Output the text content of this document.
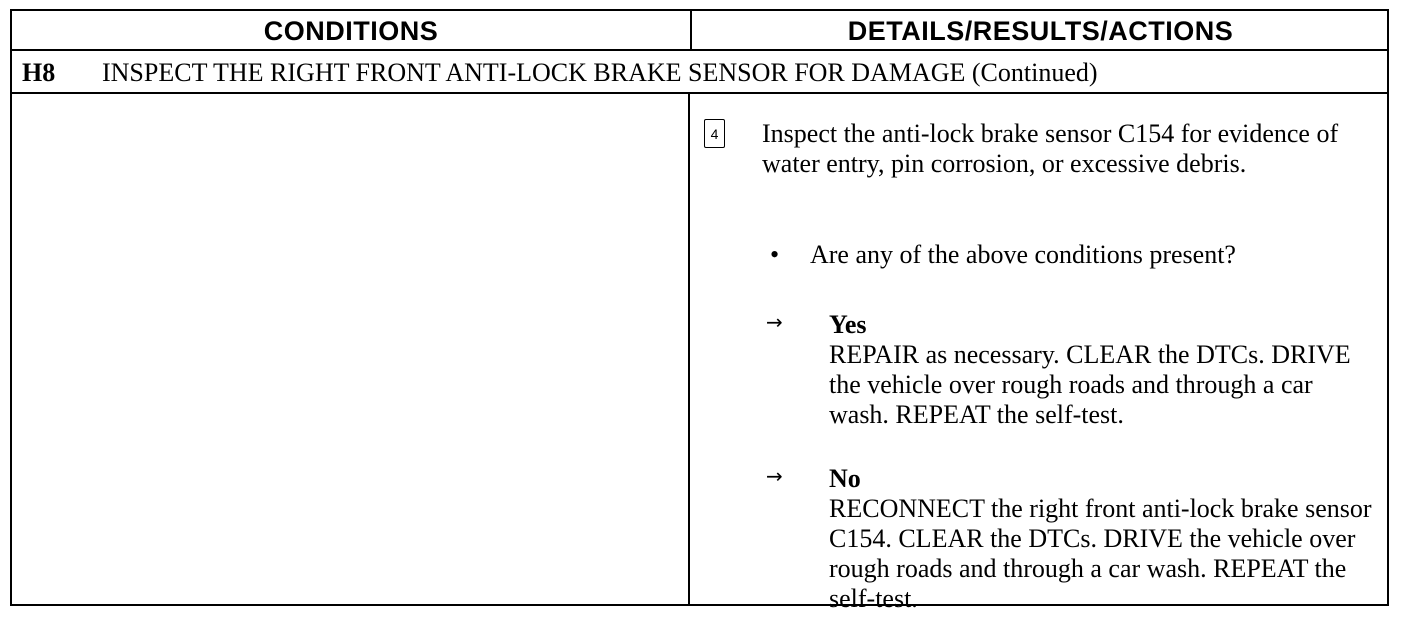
CONDITIONS	DETAILS/RESULTS/ACTIONS
H8	INSPECT THE RIGHT FRONT ANTI-LOCK BRAKE SENSOR FOR DAMAGE (Continued)
4 Inspect the anti-lock brake sensor C154 for evidence of water entry, pin corrosion, or excessive debris.
• Are any of the above conditions present?
→ Yes
REPAIR as necessary. CLEAR the DTCs. DRIVE the vehicle over rough roads and through a car wash. REPEAT the self-test.
→ No
RECONNECT the right front anti-lock brake sensor C154. CLEAR the DTCs. DRIVE the vehicle over rough roads and through a car wash. REPEAT the self-test.
